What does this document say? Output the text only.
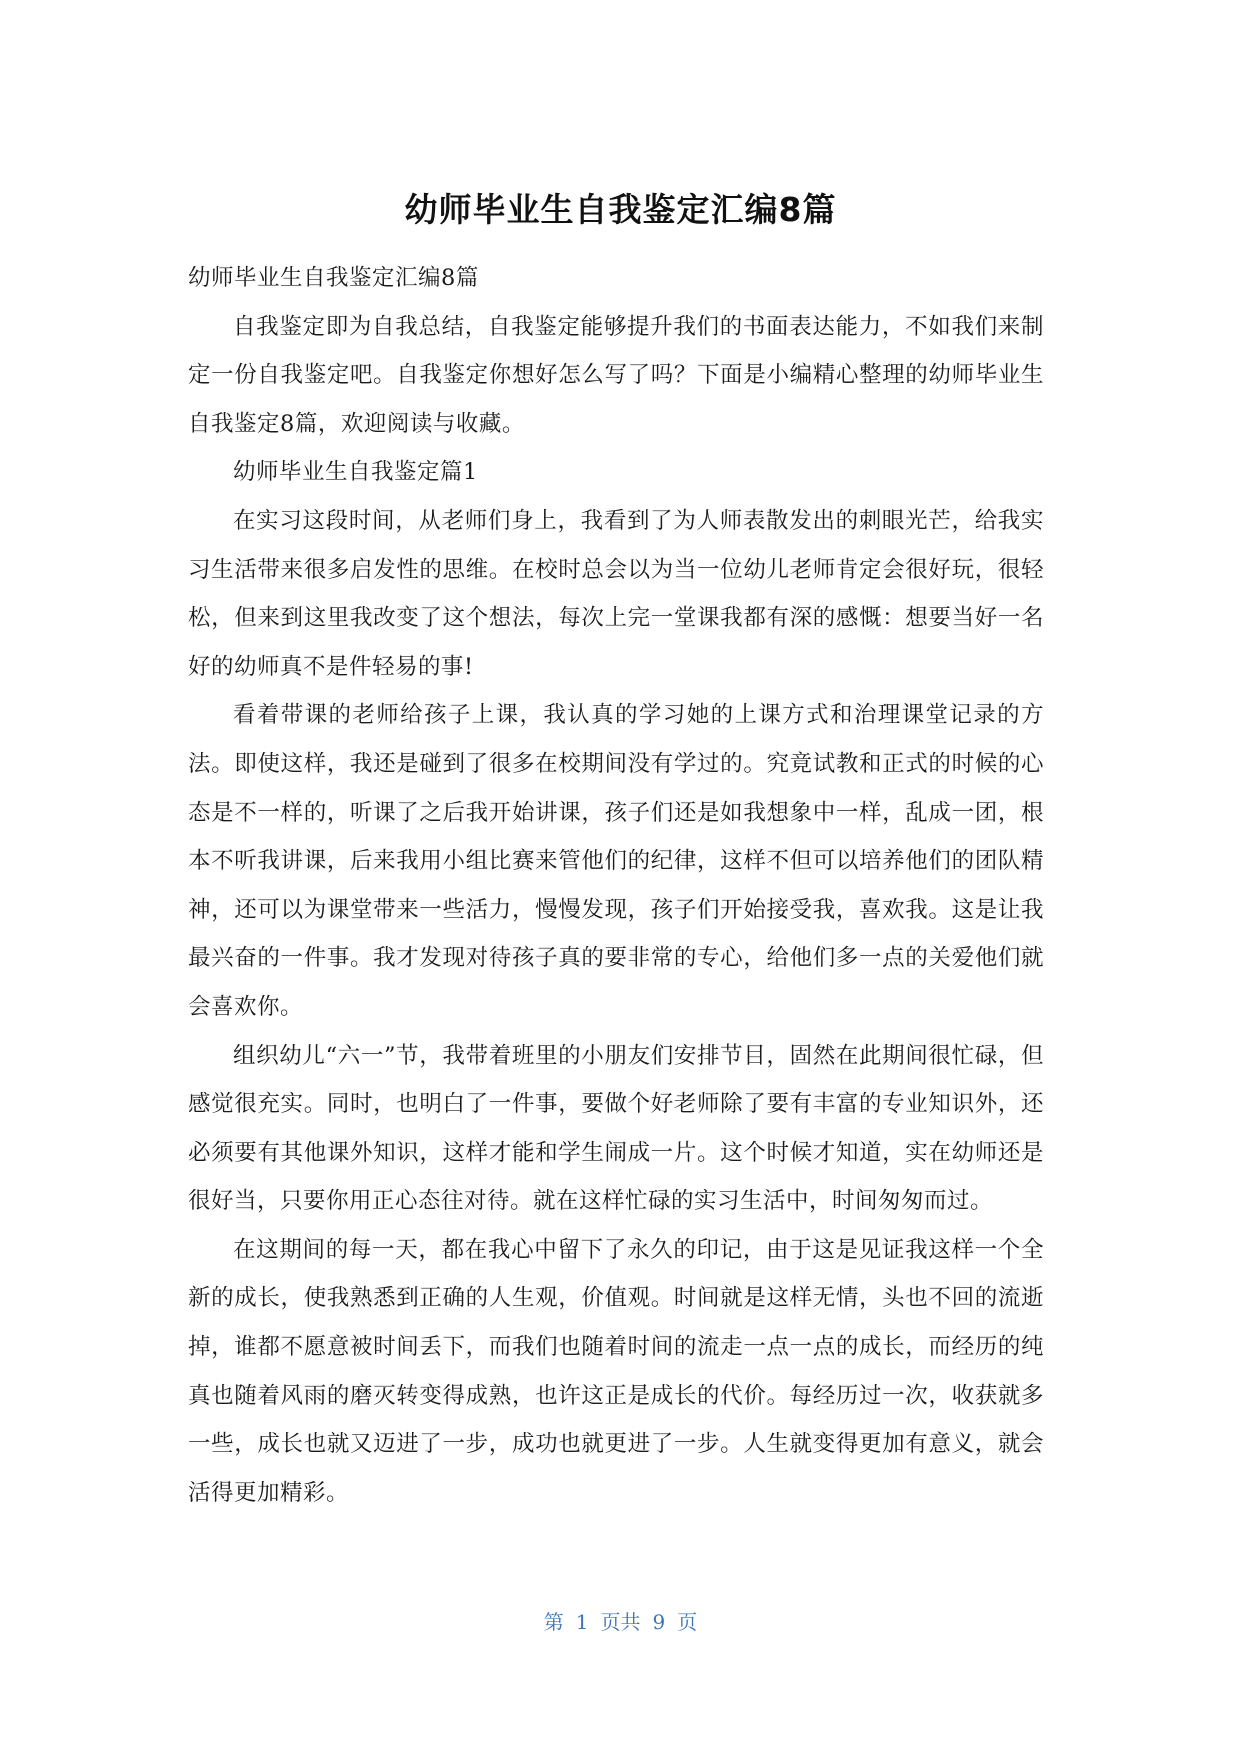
幼师毕业生自我鉴定汇编8篇

幼师毕业生自我鉴定汇编8篇

自我鉴定即为自我总结，自我鉴定能够提升我们的书面表达能力，不如我们来制定一份自我鉴定吧。自我鉴定你想好怎么写了吗？下面是小编精心整理的幼师毕业生自我鉴定8篇，欢迎阅读与收藏。

幼师毕业生自我鉴定篇1

在实习这段时间，从老师们身上，我看到了为人师表散发出的刺眼光芒，给我实习生活带来很多启发性的思维。在校时总会以为当一位幼儿老师肯定会很好玩，很轻松，但来到这里我改变了这个想法，每次上完一堂课我都有深的感慨：想要当好一名好的幼师真不是件轻易的事!

看着带课的老师给孩子上课，我认真的学习她的上课方式和治理课堂记录的方法。即使这样，我还是碰到了很多在校期间没有学过的。究竟试教和正式的时候的心态是不一样的，听课了之后我开始讲课，孩子们还是如我想象中一样，乱成一团，根本不听我讲课，后来我用小组比赛来管他们的纪律，这样不但可以培养他们的团队精神，还可以为课堂带来一些活力，慢慢发现，孩子们开始接受我，喜欢我。这是让我最兴奋的一件事。我才发现对待孩子真的要非常的专心，给他们多一点的关爱他们就会喜欢你。

组织幼儿“六一”节，我带着班里的小朋友们安排节目，固然在此期间很忙碌，但感觉很充实。同时，也明白了一件事，要做个好老师除了要有丰富的专业知识外，还必须要有其他课外知识，这样才能和学生闹成一片。这个时候才知道，实在幼师还是很好当，只要你用正心态往对待。就在这样忙碌的实习生活中，时间匆匆而过。

在这期间的每一天，都在我心中留下了永久的印记，由于这是见证我这样一个全新的成长，使我熟悉到正确的人生观，价值观。时间就是这样无情，头也不回的流逝掉，谁都不愿意被时间丢下，而我们也随着时间的流走一点一点的成长，而经历的纯真也随着风雨的磨灭转变得成熟，也许这正是成长的代价。每经历过一次，收获就多一些，成长也就又迈进了一步，成功也就更进了一步。人生就变得更加有意义，就会活得更加精彩。

第 1 页共 9 页
